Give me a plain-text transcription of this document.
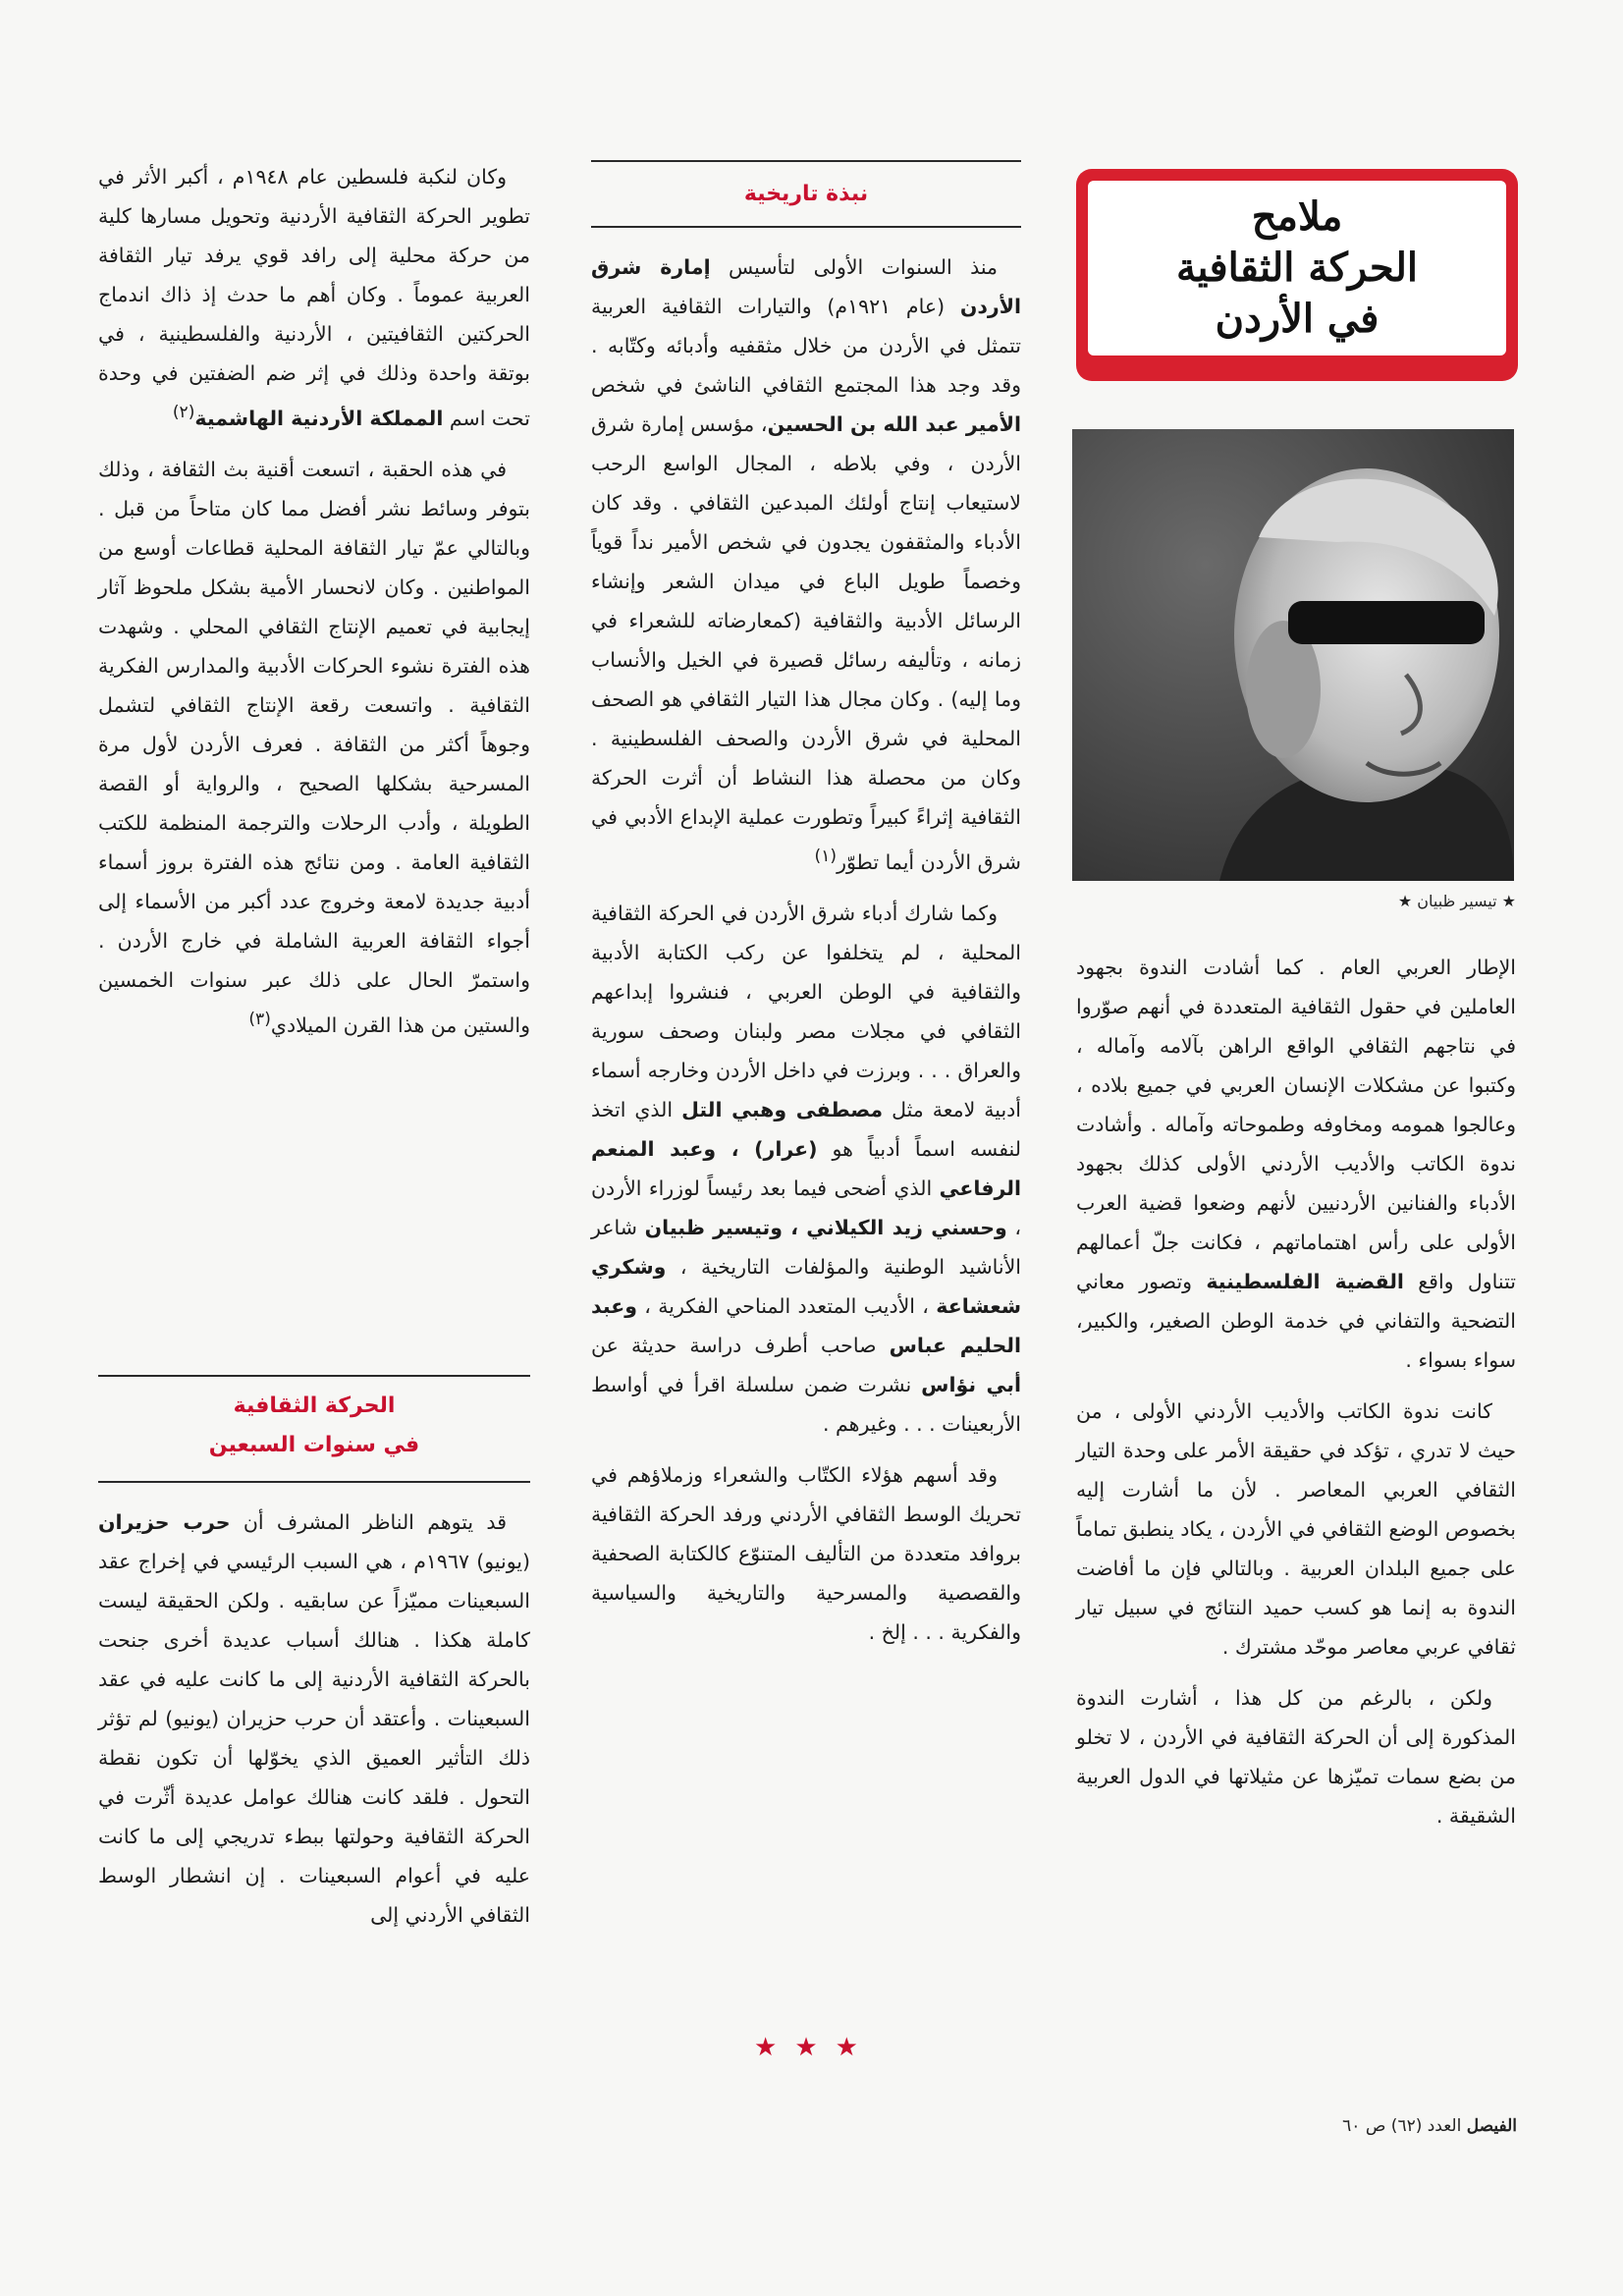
ملامح
الحركة الثقافية
في الأردن
★ تيسير ظبيان ★

الإطار العربي العام . كما أشادت الندوة بجهود العاملين في حقول الثقافية المتعددة في أنهم صوّروا في نتاجهم الثقافي الواقع الراهن بآلامه وآماله ، وكتبوا عن مشكلات الإنسان العربي في جميع بلاده ، وعالجوا همومه ومخاوفه وطموحاته وآماله . وأشادت ندوة الكاتب والأديب الأردني الأولى كذلك بجهود الأدباء والفنانين الأردنيين لأنهم وضعوا قضية العرب الأولى على رأس اهتماماتهم ، فكانت جلّ أعمالهم تتناول واقع القضية الفلسطينية وتصور معاني التضحية والتفاني في خدمة الوطن الصغير، والكبير، سواء بسواء .

كانت ندوة الكاتب والأديب الأردني الأولى ، من حيث لا تدري ، تؤكد في حقيقة الأمر على وحدة التيار الثقافي العربي المعاصر . لأن ما أشارت إليه بخصوص الوضع الثقافي في الأردن ، يكاد ينطبق تماماً على جميع البلدان العربية . وبالتالي فإن ما أفاضت الندوة به إنما هو كسب حميد النتائج في سبيل تيار ثقافي عربي معاصر موحّد مشترك .

ولكن ، بالرغم من كل هذا ، أشارت الندوة المذكورة إلى أن الحركة الثقافية في الأردن ، لا تخلو من بضع سمات تميّزها عن مثيلاتها في الدول العربية الشقيقة .

نبذة تاريخية

منذ السنوات الأولى لتأسيس إمارة شرق الأردن (عام ١٩٢١م) والتيارات الثقافية العربية تتمثل في الأردن من خلال مثقفيه وأدبائه وكتّابه . وقد وجد هذا المجتمع الثقافي الناشئ في شخص الأمير عبد الله بن الحسين، مؤسس إمارة شرق الأردن ، وفي بلاطه ، المجال الواسع الرحب لاستيعاب إنتاج أولئك المبدعين الثقافي . وقد كان الأدباء والمثقفون يجدون في شخص الأمير نداً قوياً وخصماً طويل الباع في ميدان الشعر وإنشاء الرسائل الأدبية والثقافية (كمعارضاته للشعراء في زمانه ، وتأليفه رسائل قصيرة في الخيل والأنساب وما إليه) . وكان مجال هذا التيار الثقافي هو الصحف المحلية في شرق الأردن والصحف الفلسطينية . وكان من محصلة هذا النشاط أن أثرت الحركة الثقافية إثراءً كبيراً وتطورت عملية الإبداع الأدبي في شرق الأردن أيما تطوّر$^{(١)}$

وكما شارك أدباء شرق الأردن في الحركة الثقافية المحلية ، لم يتخلفوا عن ركب الكتابة الأدبية والثقافية في الوطن العربي ، فنشروا إبداعهم الثقافي في مجلات مصر ولبنان وصحف سورية والعراق . . . وبرزت في داخل الأردن وخارجه أسماء أدبية لامعة مثل مصطفى وهبي التل الذي اتخذ لنفسه اسماً أدبياً هو (عرار) ، وعبد المنعم الرفاعي الذي أضحى فيما بعد رئيساً لوزراء الأردن ، وحسني زيد الكيلاني ، وتيسير ظبيان شاعر الأناشيد الوطنية والمؤلفات التاريخية ، وشكري شعشاعة ، الأديب المتعدد المناحي الفكرية ، وعبد الحليم عباس صاحب أطرف دراسة حديثة عن أبي نؤاس نشرت ضمن سلسلة اقرأ في أواسط الأربعينات . . . وغيرهم .

وقد أسهم هؤلاء الكتّاب والشعراء وزملاؤهم في تحريك الوسط الثقافي الأردني ورفد الحركة الثقافية بروافد متعددة من التأليف المتنوّع كالكتابة الصحفية والقصصية والمسرحية والتاريخية والسياسية والفكرية . . . إلخ .

★★★

وكان لنكبة فلسطين عام ١٩٤٨م ، أكبر الأثر في تطوير الحركة الثقافية الأردنية وتحويل مسارها كلية من حركة محلية إلى رافد قوي يرفد تيار الثقافة العربية عموماً . وكان أهم ما حدث إذ ذاك اندماج الحركتين الثقافيتين ، الأردنية والفلسطينية ، في بوتقة واحدة وذلك في إثر ضم الضفتين في وحدة تحت اسم المملكة الأردنية الهاشمية$^{(٢)}$

في هذه الحقبة ، اتسعت أقنية بث الثقافة ، وذلك بتوفر وسائط نشر أفضل مما كان متاحاً من قبل . وبالتالي عمّ تيار الثقافة المحلية قطاعات أوسع من المواطنين . وكان لانحسار الأمية بشكل ملحوظ آثار إيجابية في تعميم الإنتاج الثقافي المحلي . وشهدت هذه الفترة نشوء الحركات الأدبية والمدارس الفكرية الثقافية . واتسعت رقعة الإنتاج الثقافي لتشمل وجوهاً أكثر من الثقافة . فعرف الأردن لأول مرة المسرحية بشكلها الصحيح ، والرواية أو القصة الطويلة ، وأدب الرحلات والترجمة المنظمة للكتب الثقافية العامة . ومن نتائج هذه الفترة بروز أسماء أدبية جديدة لامعة وخروج عدد أكبر من الأسماء إلى أجواء الثقافة العربية الشاملة في خارج الأردن . واستمرّ الحال على ذلك عبر سنوات الخمسين والستين من هذا القرن الميلادي$^{(٣)}$

الحركة الثقافية
في سنوات السبعين

قد يتوهم الناظر المشرف أن حرب حزيران (يونيو) ١٩٦٧م ، هي السبب الرئيسي في إخراج عقد السبعينات مميّزاً عن سابقيه . ولكن الحقيقة ليست كاملة هكذا . هنالك أسباب عديدة أخرى جنحت بالحركة الثقافية الأردنية إلى ما كانت عليه في عقد السبعينات . وأعتقد أن حرب حزيران (يونيو) لم تؤثر ذلك التأثير العميق الذي يخوّلها أن تكون نقطة التحول . فلقد كانت هنالك عوامل عديدة أثّرت في الحركة الثقافية وحولتها ببطء تدريجي إلى ما كانت عليه في أعوام السبعينات . إن انشطار الوسط الثقافي الأردني إلى

الفيصل العدد (٦٢) ص ٦٠
